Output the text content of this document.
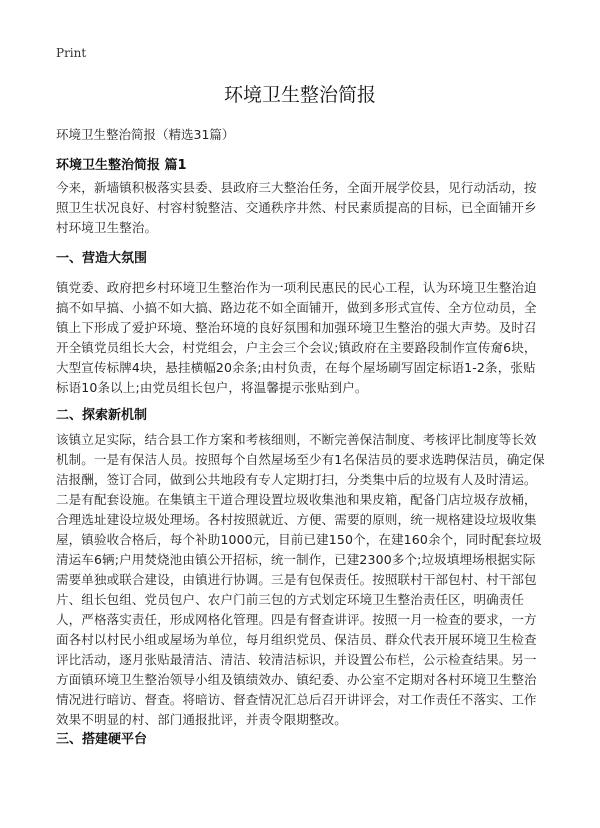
Print
环境卫生整治简报
环境卫生整治简报（精选31篇）
环境卫生整治简报 篇1

今来，新墙镇积极落实县委、县政府三大整治任务，全面开展学佼县，见行动活动，按照卫生状况良好、村容村貌整洁、交通秩序井然、村民素质提高的目标，已全面铺开乡村环境卫生整治。

一、营造大氛围

镇党委、政府把乡村环境卫生整治作为一项利民惠民的民心工程，认为环境卫生整治迫搞不如早搞、小搞不如大搞、路边花不如全面铺开，做到多形式宣传、全方位动员，全镇上下形成了爱护环境、整治环境的良好氛围和加强环境卫生整治的强大声势。及时召开全镇党员组长大会，村党组会，户主会三个会议;镇政府在主要路段制作宣传奝6块，大型宣传标牌4块，悬挂横幅20余条;由村负责，在每个屋场刷写固定标语1-2条，张贴标语10条以上;由党员组长包户，将温馨提示张贴到户。

二、探索新机制

该镇立足实际，结合县工作方案和考核细则，不断完善保洁制度、考核评比制度等长效机制。一是有保洁人员。按照每个自然屋场至少有1名保洁员的要求选聘保洁员，确定保洁报酬，签订合同，做到公共地段有专人定期打扫，分类集中后的垃圾有人及时清运。二是有配套设施。在集镇主干道合理设置垃圾收集池和果皮箱，配备门店垃圾存放桶，合理选址建设垃圾处理场。各村按照就近、方便、需要的原则，统一规格建设垃圾收集屋，镇验收合格后，每个补助1000元，目前已建150个，在建160余个，同时配套垃圾清运车6辆;户用焚烧池由镇公开招标，统一制作，已建2300多个;垃圾填埋场根据实际需要单独或联合建设，由镇进行协调。三是有包保责任。按照联村干部包村、村干部包片、组长包组、党员包户、农户门前三包的方式划定环境卫生整治责任区，明确责任人，严格落实责任，形成网格化管理。四是有督查讲评。按照一月一检查的要求，一方面各村以村民小组或屋场为单位，每月组织党员、保洁员、群众代表开展环境卫生检查评比活动，逐月张贴最清洁、清洁、较清洁标识，并设置公布栏，公示检查结果。另一方面镇环境卫生整治领导小组及镇绩效办、镇纪委、办公室不定期对各村环境卫生整治情况进行暗访、督查。将暗访、督查情况汇总后召开讲评会，对工作责任不落实、工作效果不明显的村、部门通报批评，并责令限期整改。

三、搭建硬平台
